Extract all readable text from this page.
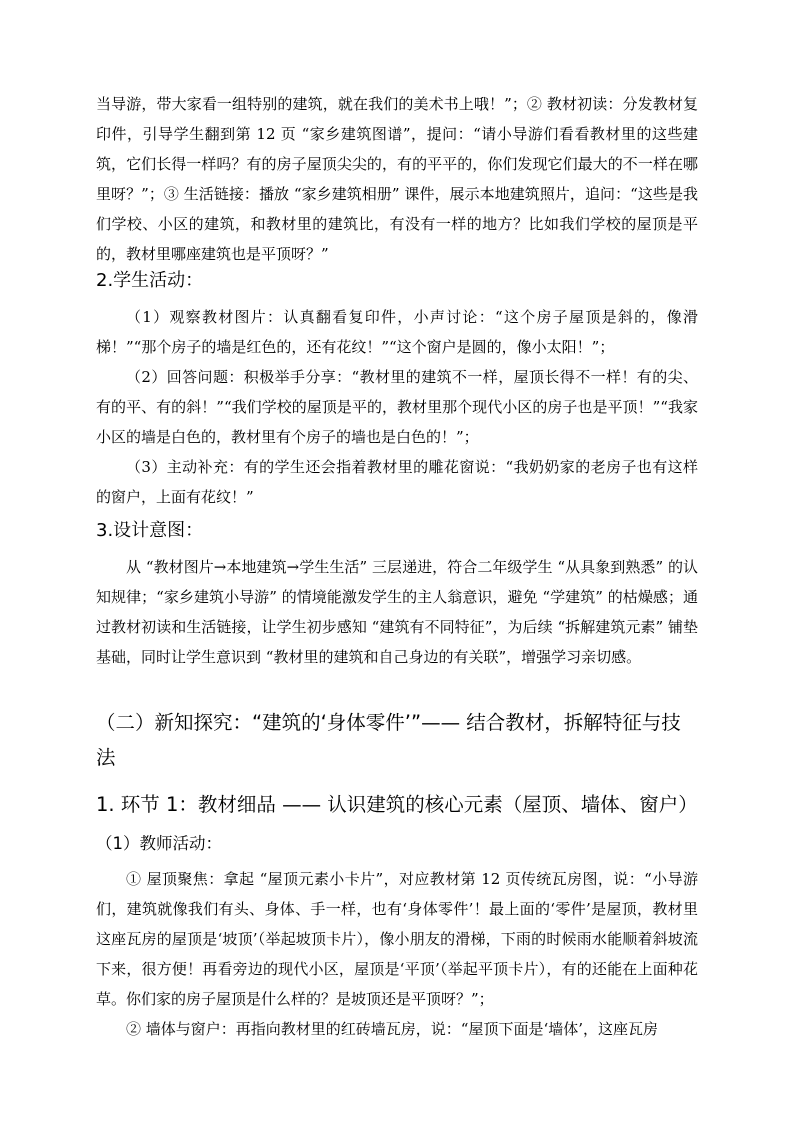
当导游，带大家看一组特别的建筑，就在我们的美术书上哦！”；② 教材初读：分发教材复印件，引导学生翻到第 12 页 “家乡建筑图谱”，提问：“请小导游们看看教材里的这些建筑，它们长得一样吗？有的房子屋顶尖尖的，有的平平的，你们发现它们最大的不一样在哪里呀？”；③ 生活链接：播放 “家乡建筑相册” 课件，展示本地建筑照片，追问：“这些是我们学校、小区的建筑，和教材里的建筑比，有没有一样的地方？比如我们学校的屋顶是平的，教材里哪座建筑也是平顶呀？”

2.学生活动：

（1）观察教材图片：认真翻看复印件，小声讨论：“这个房子屋顶是斜的，像滑梯！”“那个房子的墙是红色的，还有花纹！”“这个窗户是圆的，像小太阳！”；

（2）回答问题：积极举手分享：“教材里的建筑不一样，屋顶长得不一样！有的尖、有的平、有的斜！”“我们学校的屋顶是平的，教材里那个现代小区的房子也是平顶！”“我家小区的墙是白色的，教材里有个房子的墙也是白色的！”；

（3）主动补充：有的学生还会指着教材里的雕花窗说：“我奶奶家的老房子也有这样的窗户，上面有花纹！”

3.设计意图：

从 “教材图片→本地建筑→学生生活” 三层递进，符合二年级学生 “从具象到熟悉” 的认知规律；“家乡建筑小导游” 的情境能激发学生的主人翁意识，避免 “学建筑” 的枯燥感；通过教材初读和生活链接，让学生初步感知 “建筑有不同特征”，为后续 “拆解建筑元素” 铺垫基础，同时让学生意识到 “教材里的建筑和自己身边的有关联”，增强学习亲切感。

（二）新知探究：“建筑的‘身体零件’”—— 结合教材，拆解特征与技法
1. 环节 1：教材细品 —— 认识建筑的核心元素（屋顶、墙体、窗户）
（1）教师活动：

① 屋顶聚焦：拿起 “屋顶元素小卡片”，对应教材第 12 页传统瓦房图，说：“小导游们，建筑就像我们有头、身体、手一样，也有‘身体零件’！最上面的‘零件’是屋顶，教材里这座瓦房的屋顶是‘坡顶’（举起坡顶卡片），像小朋友的滑梯，下雨的时候雨水能顺着斜坡流下来，很方便！再看旁边的现代小区，屋顶是‘平顶’（举起平顶卡片），有的还能在上面种花草。你们家的房子屋顶是什么样的？是坡顶还是平顶呀？”；

② 墙体与窗户：再指向教材里的红砖墙瓦房，说：“屋顶下面是‘墙体’，这座瓦房
